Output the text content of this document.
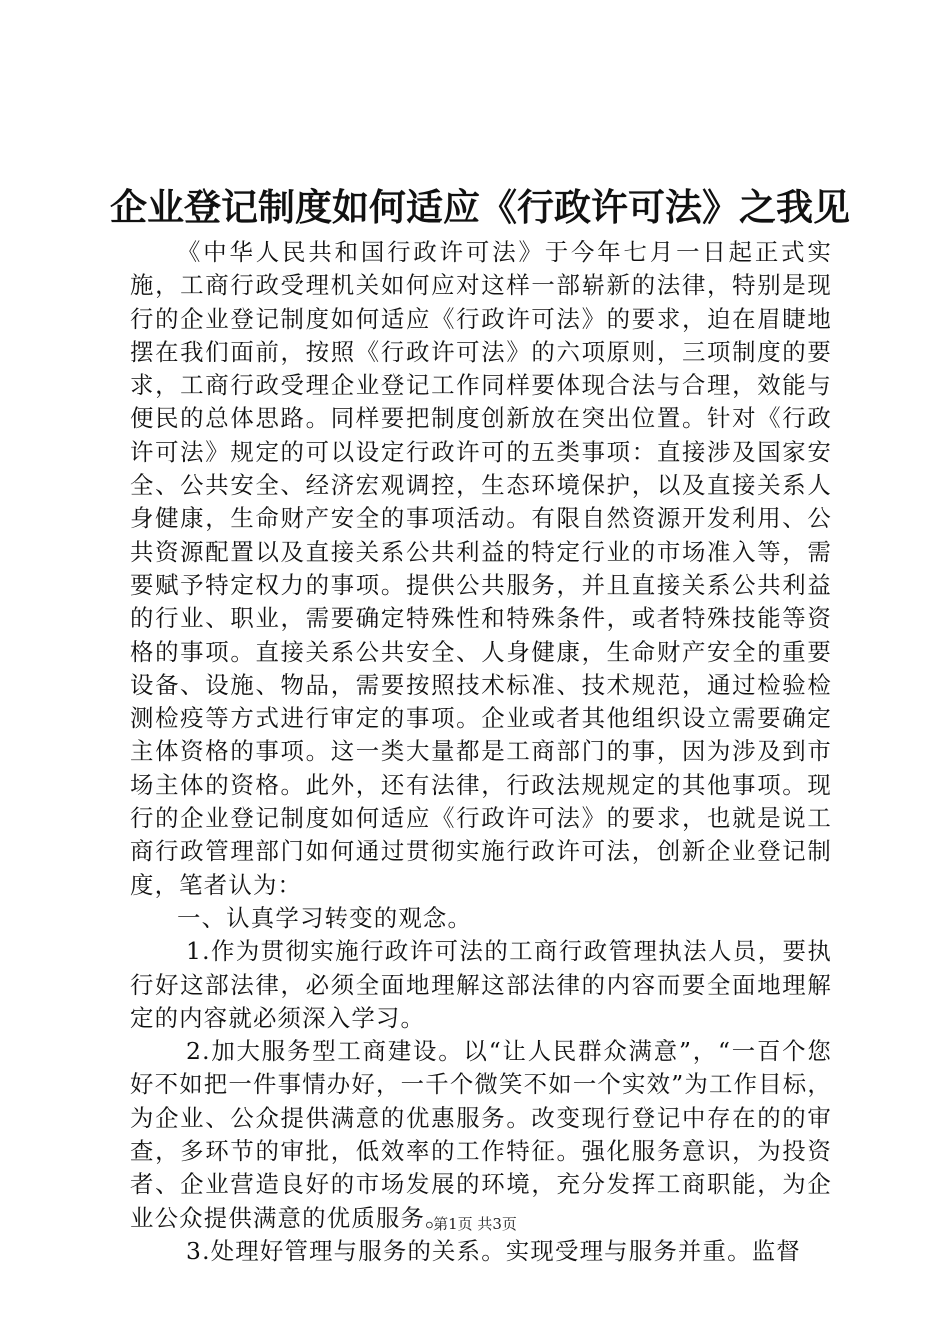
企业登记制度如何适应《行政许可法》之我见

《中华人民共和国行政许可法》于今年七月一日起正式实施，工商行政受理机关如何应对这样一部崭新的法律，特别是现行的企业登记制度如何适应《行政许可法》的要求，迫在眉睫地摆在我们面前，按照《行政许可法》的六项原则，三项制度的要求，工商行政受理企业登记工作同样要体现合法与合理，效能与便民的总体思路。同样要把制度创新放在突出位置。针对《行政许可法》规定的可以设定行政许可的五类事项：直接涉及国家安全、公共安全、经济宏观调控，生态环境保护，以及直接关系人身健康，生命财产安全的事项活动。有限自然资源开发利用、公共资源配置以及直接关系公共利益的特定行业的市场准入等，需要赋予特定权力的事项。提供公共服务，并且直接关系公共利益的行业、职业，需要确定特殊性和特殊条件，或者特殊技能等资格的事项。直接关系公共安全、人身健康，生命财产安全的重要设备、设施、物品，需要按照技术标准、技术规范，通过检验检测检疫等方式进行审定的事项。企业或者其他组织设立需要确定主体资格的事项。这一类大量都是工商部门的事，因为涉及到市场主体的资格。此外，还有法律，行政法规规定的其他事项。现行的企业登记制度如何适应《行政许可法》的要求，也就是说工商行政管理部门如何通过贯彻实施行政许可法，创新企业登记制度，笔者认为：

一、认真学习转变的观念。

1.作为贯彻实施行政许可法的工商行政管理执法人员，要执行好这部法律，必须全面地理解这部法律的内容而要全面地理解定的内容就必须深入学习。

2.加大服务型工商建设。以“让人民群众满意”，“一百个您好不如把一件事情办好，一千个微笑不如一个实效”为工作目标，为企业、公众提供满意的优惠服务。改变现行登记中存在的的审查，多环节的审批，低效率的工作特征。强化服务意识，为投资者、企业营造良好的市场发展的环境，充分发挥工商职能，为企业公众提供满意的优质服务。

3.处理好管理与服务的关系。实现受理与服务并重。监督

第1页 共3页
